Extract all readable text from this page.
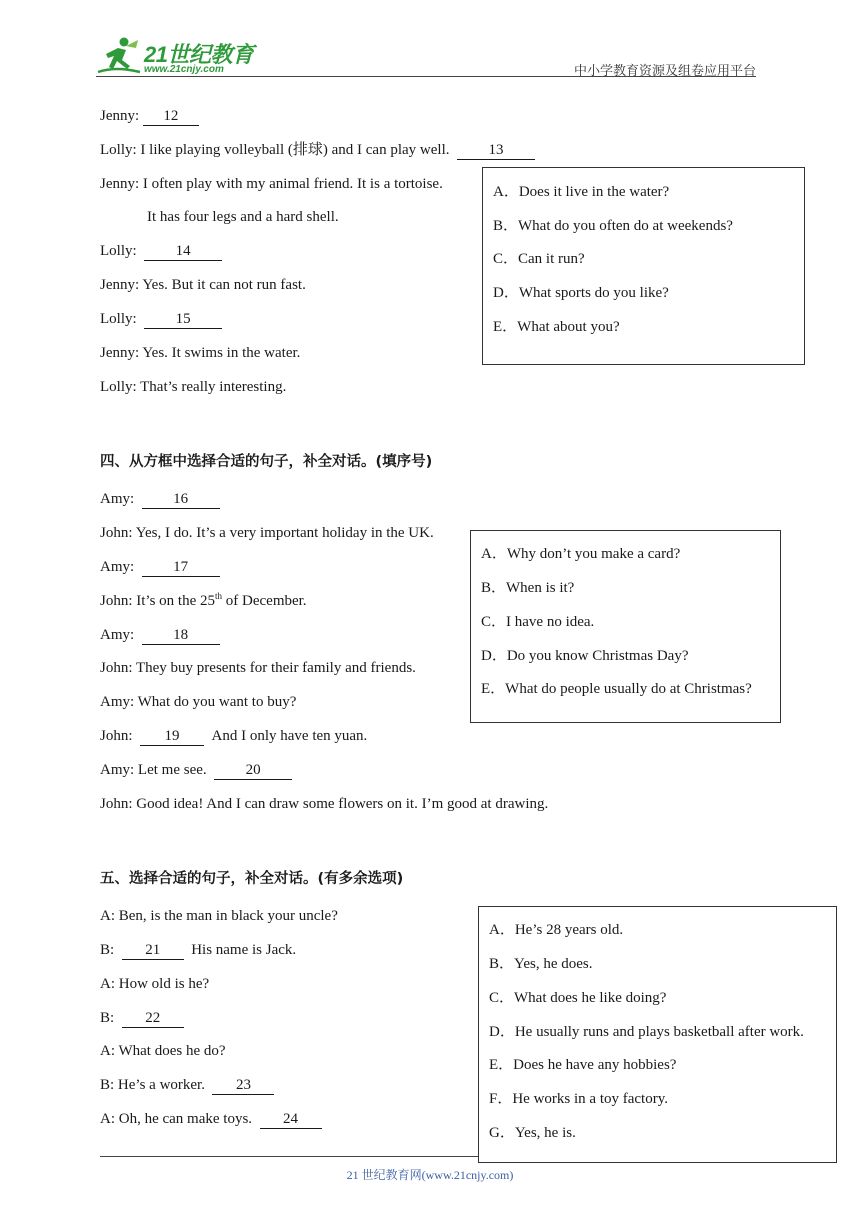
21世纪教育
www.21cnjy.com	中小学教育资源及组卷应用平台
Jenny: 12
Lolly: I like playing volleyball (排球) and I can play well.	13
Jenny: I often play with my animal friend. It is a tortoise.
It has four legs and a hard shell.
Lolly:  14
Jenny: Yes. But it can not run fast.
Lolly:  15
Jenny: Yes. It swims in the water.
Lolly: That’s really interesting.
A．Does it live in the water?
B．What do you often do at weekends?
C．Can it run?
D．What sports do you like?
E．What about you?
四、从方框中选择合适的句子，补全对话。(填序号)
Amy:  16
John: Yes, I do. It’s a very important holiday in the UK.
Amy:  17
John: It’s on the 25th of December.
Amy:  18
John: They buy presents for their family and friends.
Amy: What do you want to buy?
John:  19 And I only have ten yuan.
Amy: Let me see.	20
John: Good idea! And I can draw some flowers on it. I’m good at drawing.
A．Why don’t you make a card?
B．When is it?
C．I have no idea.
D．Do you know Christmas Day?
E．What do people usually do at Christmas?
五、选择合适的句子，补全对话。(有多余选项)
A: Ben, is the man in black your uncle?
B:  21 His name is Jack.
A: How old is he?
B:  22
A: What does he do?
B: He’s a worker. 23
A: Oh, he can make toys. 24
A．He’s 28 years old.
B．Yes, he does.
C．What does he like doing?
D．He usually runs and plays basketball after work.
E．Does he have any hobbies?
F．He works in a toy factory.
G．Yes, he is.
21 世纪教育网(www.21cnjy.com)
